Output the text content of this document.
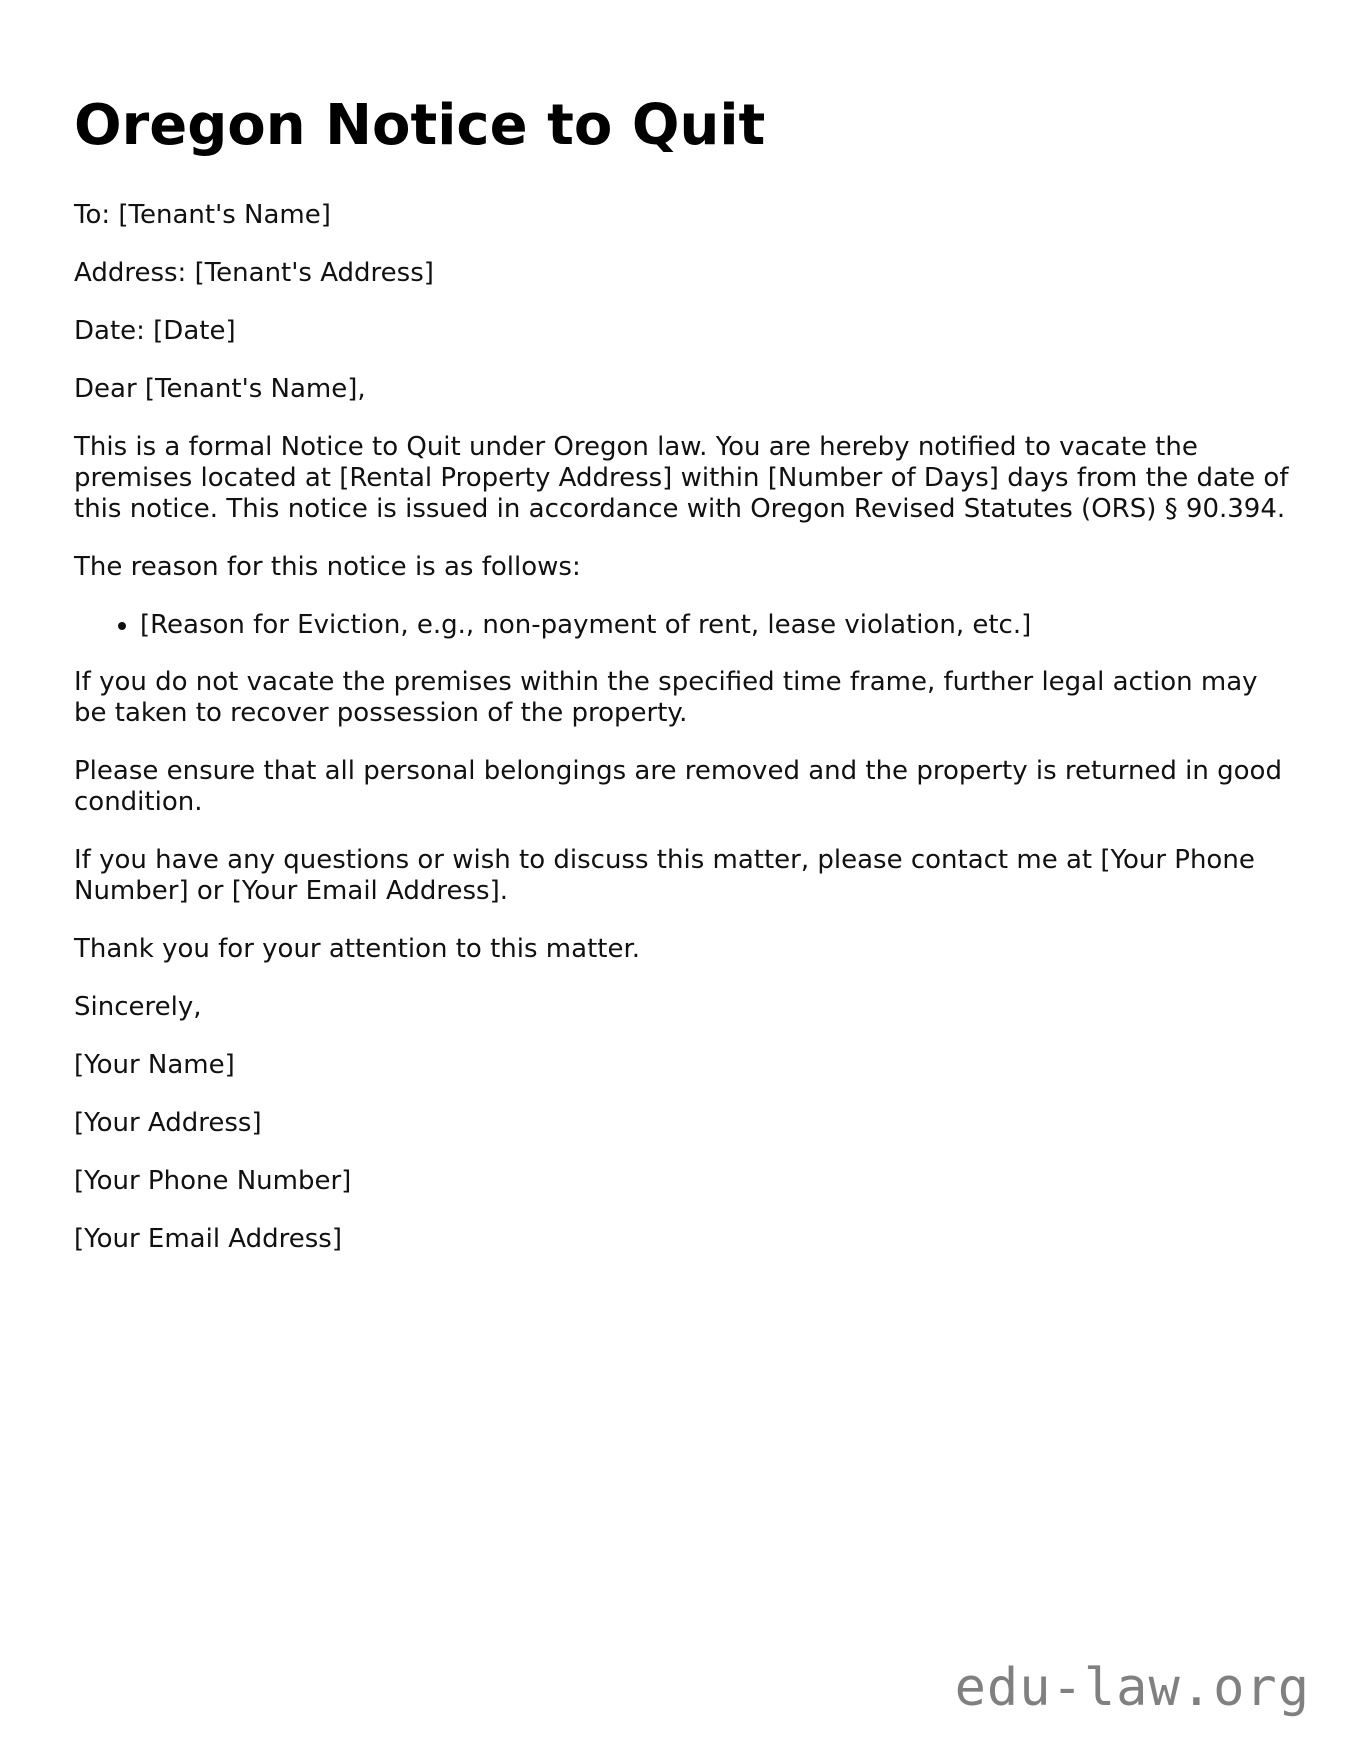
Oregon Notice to Quit

To: [Tenant's Name]

Address: [Tenant's Address]

Date: [Date]

Dear [Tenant's Name],

This is a formal Notice to Quit under Oregon law. You are hereby notified to vacate the premises located at [Rental Property Address] within [Number of Days] days from the date of this notice. This notice is issued in accordance with Oregon Revised Statutes (ORS) § 90.394.

The reason for this notice is as follows:

• [Reason for Eviction, e.g., non-payment of rent, lease violation, etc.]

If you do not vacate the premises within the specified time frame, further legal action may be taken to recover possession of the property.

Please ensure that all personal belongings are removed and the property is returned in good condition.

If you have any questions or wish to discuss this matter, please contact me at [Your Phone Number] or [Your Email Address].

Thank you for your attention to this matter.

Sincerely,

[Your Name]

[Your Address]

[Your Phone Number]

[Your Email Address]

edu-law.org
